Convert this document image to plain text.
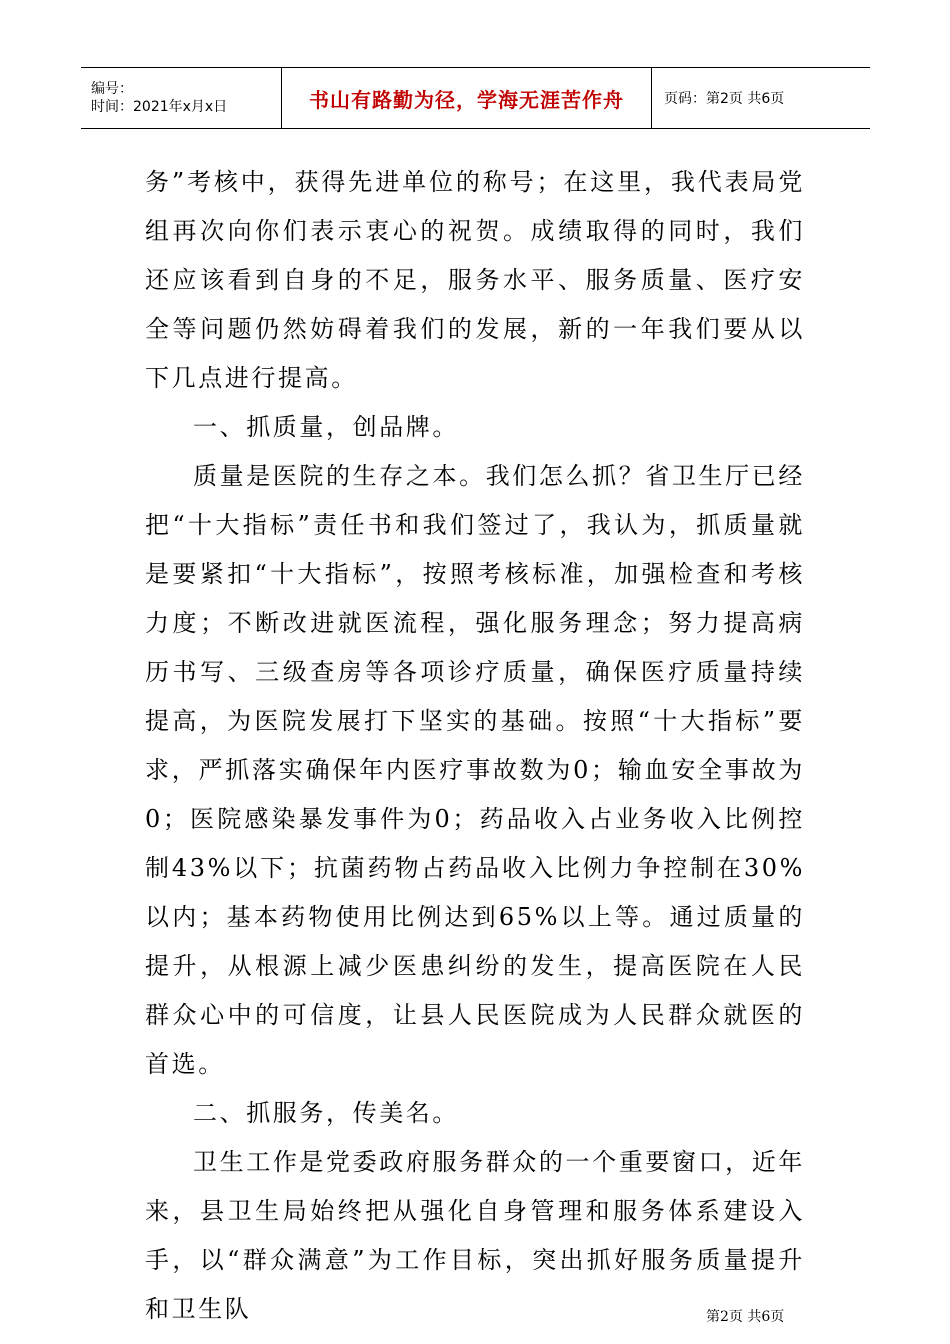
编号：
时间：2021年x月x日	书山有路勤为径，学海无涯苦作舟	页码：第2页 共6页

务”考核中，获得先进单位的称号；在这里，我代表局党组再次向你们表示衷心的祝贺。成绩取得的同时，我们还应该看到自身的不足，服务水平、服务质量、医疗安全等问题仍然妨碍着我们的发展，新的一年我们要从以下几点进行提高。

一、抓质量，创品牌。

质量是医院的生存之本。我们怎么抓？省卫生厅已经把“十大指标”责任书和我们签过了，我认为，抓质量就是要紧扣“十大指标”，按照考核标准，加强检查和考核力度；不断改进就医流程，强化服务理念；努力提高病历书写、三级查房等各项诊疗质量，确保医疗质量持续提高，为医院发展打下坚实的基础。按照“十大指标”要求，严抓落实确保年内医疗事故数为0；输血安全事故为0；医院感染暴发事件为0；药品收入占业务收入比例控制43%以下；抗菌药物占药品收入比例力争控制在30%以内；基本药物使用比例达到65%以上等。通过质量的提升，从根源上减少医患纠纷的发生，提高医院在人民群众心中的可信度，让县人民医院成为人民群众就医的首选。

二、抓服务，传美名。

卫生工作是党委政府服务群众的一个重要窗口，近年来，县卫生局始终把从强化自身管理和服务体系建设入手，以“群众满意”为工作目标，突出抓好服务质量提升和卫生队	第2页 共6页
